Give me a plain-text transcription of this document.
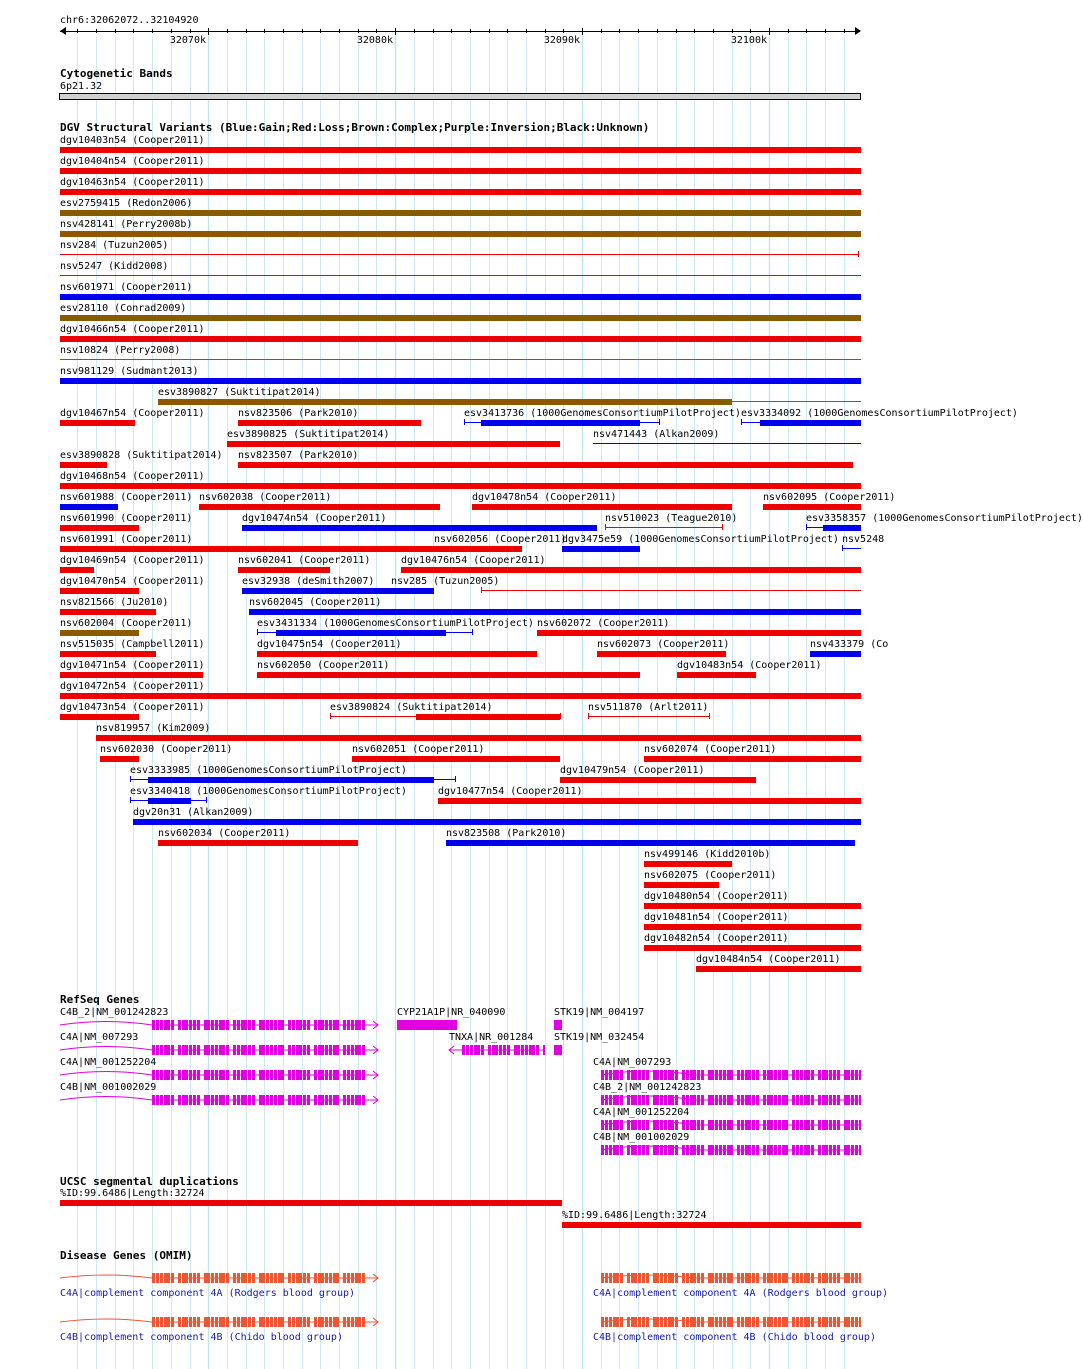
chr6:32062072..32104920
32070k	32080k	32090k	32100k
Cytogenetic Bands
6p21.32
DGV Structural Variants (Blue:Gain;Red:Loss;Brown:Complex;Purple:Inversion;Black:Unknown)
dgv10403n54 (Cooper2011)
dgv10404n54 (Cooper2011)
dgv10463n54 (Cooper2011)
esv2759415 (Redon2006)
nsv428141 (Perry2008b)
nsv284 (Tuzun2005)
nsv5247 (Kidd2008)
nsv601971 (Cooper2011)
esv28110 (Conrad2009)
dgv10466n54 (Cooper2011)
nsv10824 (Perry2008)
nsv981129 (Sudmant2013)
esv3890827 (Suktitipat2014)
dgv10467n54 (Cooper2011)	nsv823506 (Park2010)	esv3413736 (1000GenomesConsortiumPilotProject) esv3334092 (1000GenomesConsortiumPilotProject)
esv3890825 (Suktitipat2014)	nsv471443 (Alkan2009)
esv3890828 (Suktitipat2014) nsv823507 (Park2010)
dgv10468n54 (Cooper2011)
nsv601988 (Cooper2011) nsv602038 (Cooper2011)	dgv10478n54 (Cooper2011)	nsv602095 (Cooper2011)
nsv601990 (Cooper2011)	dgv10474n54 (Cooper2011)	nsv510023 (Teague2010)	esv3358357 (1000GenomesConsortiumPilotProject)
nsv601991 (Cooper2011)	nsv602056 (Cooper2011)
dgv3475e59 (1000GenomesConsortiumPilotProject) nsv5248
dgv10469n54 (Cooper2011)	nsv602041 (Cooper2011)	dgv10476n54 (Cooper2011)
dgv10470n54 (Cooper2011)	esv32938 (deSmith2007) nsv285 (Tuzun2005)
nsv821566 (Ju2010)	nsv602045 (Cooper2011)
nsv602004 (Cooper2011)	esv3431334 (1000GenomesConsortiumPilotProject) nsv602072 (Cooper2011)
nsv515035 (Campbell2011)	dgv10475n54 (Cooper2011)	nsv602073 (Cooper2011)	nsv433379 (Co
dgv10471n54 (Cooper2011)	nsv602050 (Cooper2011)	dgv10483n54 (Cooper2011)
dgv10472n54 (Cooper2011)
dgv10473n54 (Cooper2011)	esv3890824 (Suktitipat2014)	nsv511870 (Arlt2011)
nsv819957 (Kim2009)
nsv602030 (Cooper2011)	nsv602051 (Cooper2011)	nsv602074 (Cooper2011)
esv3333985 (1000GenomesConsortiumPilotProject)	dgv10479n54 (Cooper2011)
esv3340418 (1000GenomesConsortiumPilotProject)	dgv10477n54 (Cooper2011)
dgv20n31 (Alkan2009)
nsv602034 (Cooper2011)	nsv823508 (Park2010)
nsv499146 (Kidd2010b)
nsv602075 (Cooper2011)
dgv10480n54 (Cooper2011)
dgv10481n54 (Cooper2011)
dgv10482n54 (Cooper2011)
dgv10484n54 (Cooper2011)
RefSeq Genes
C4B_2|NM_001242823
C4A|NM_007293
C4A|NM_001252204
C4B|NM_001002029
CYP21A1P|NR_040090	STK19|NM_004197
TNXA|NR_001284 STK19|NM_032454
C4A|NM_007293
C4B_2|NM_001242823
C4A|NM_001252204
C4B|NM_001002029
UCSC segmental duplications
%ID:99.6486|Length:32724
%ID:99.6486|Length:32724
Disease Genes (OMIM)
C4A|complement component 4A (Rodgers blood group)	C4A|complement component 4A (Rodgers blood group)
C4B|complement component 4B (Chido blood group)	C4B|complement component 4B (Chido blood group)
